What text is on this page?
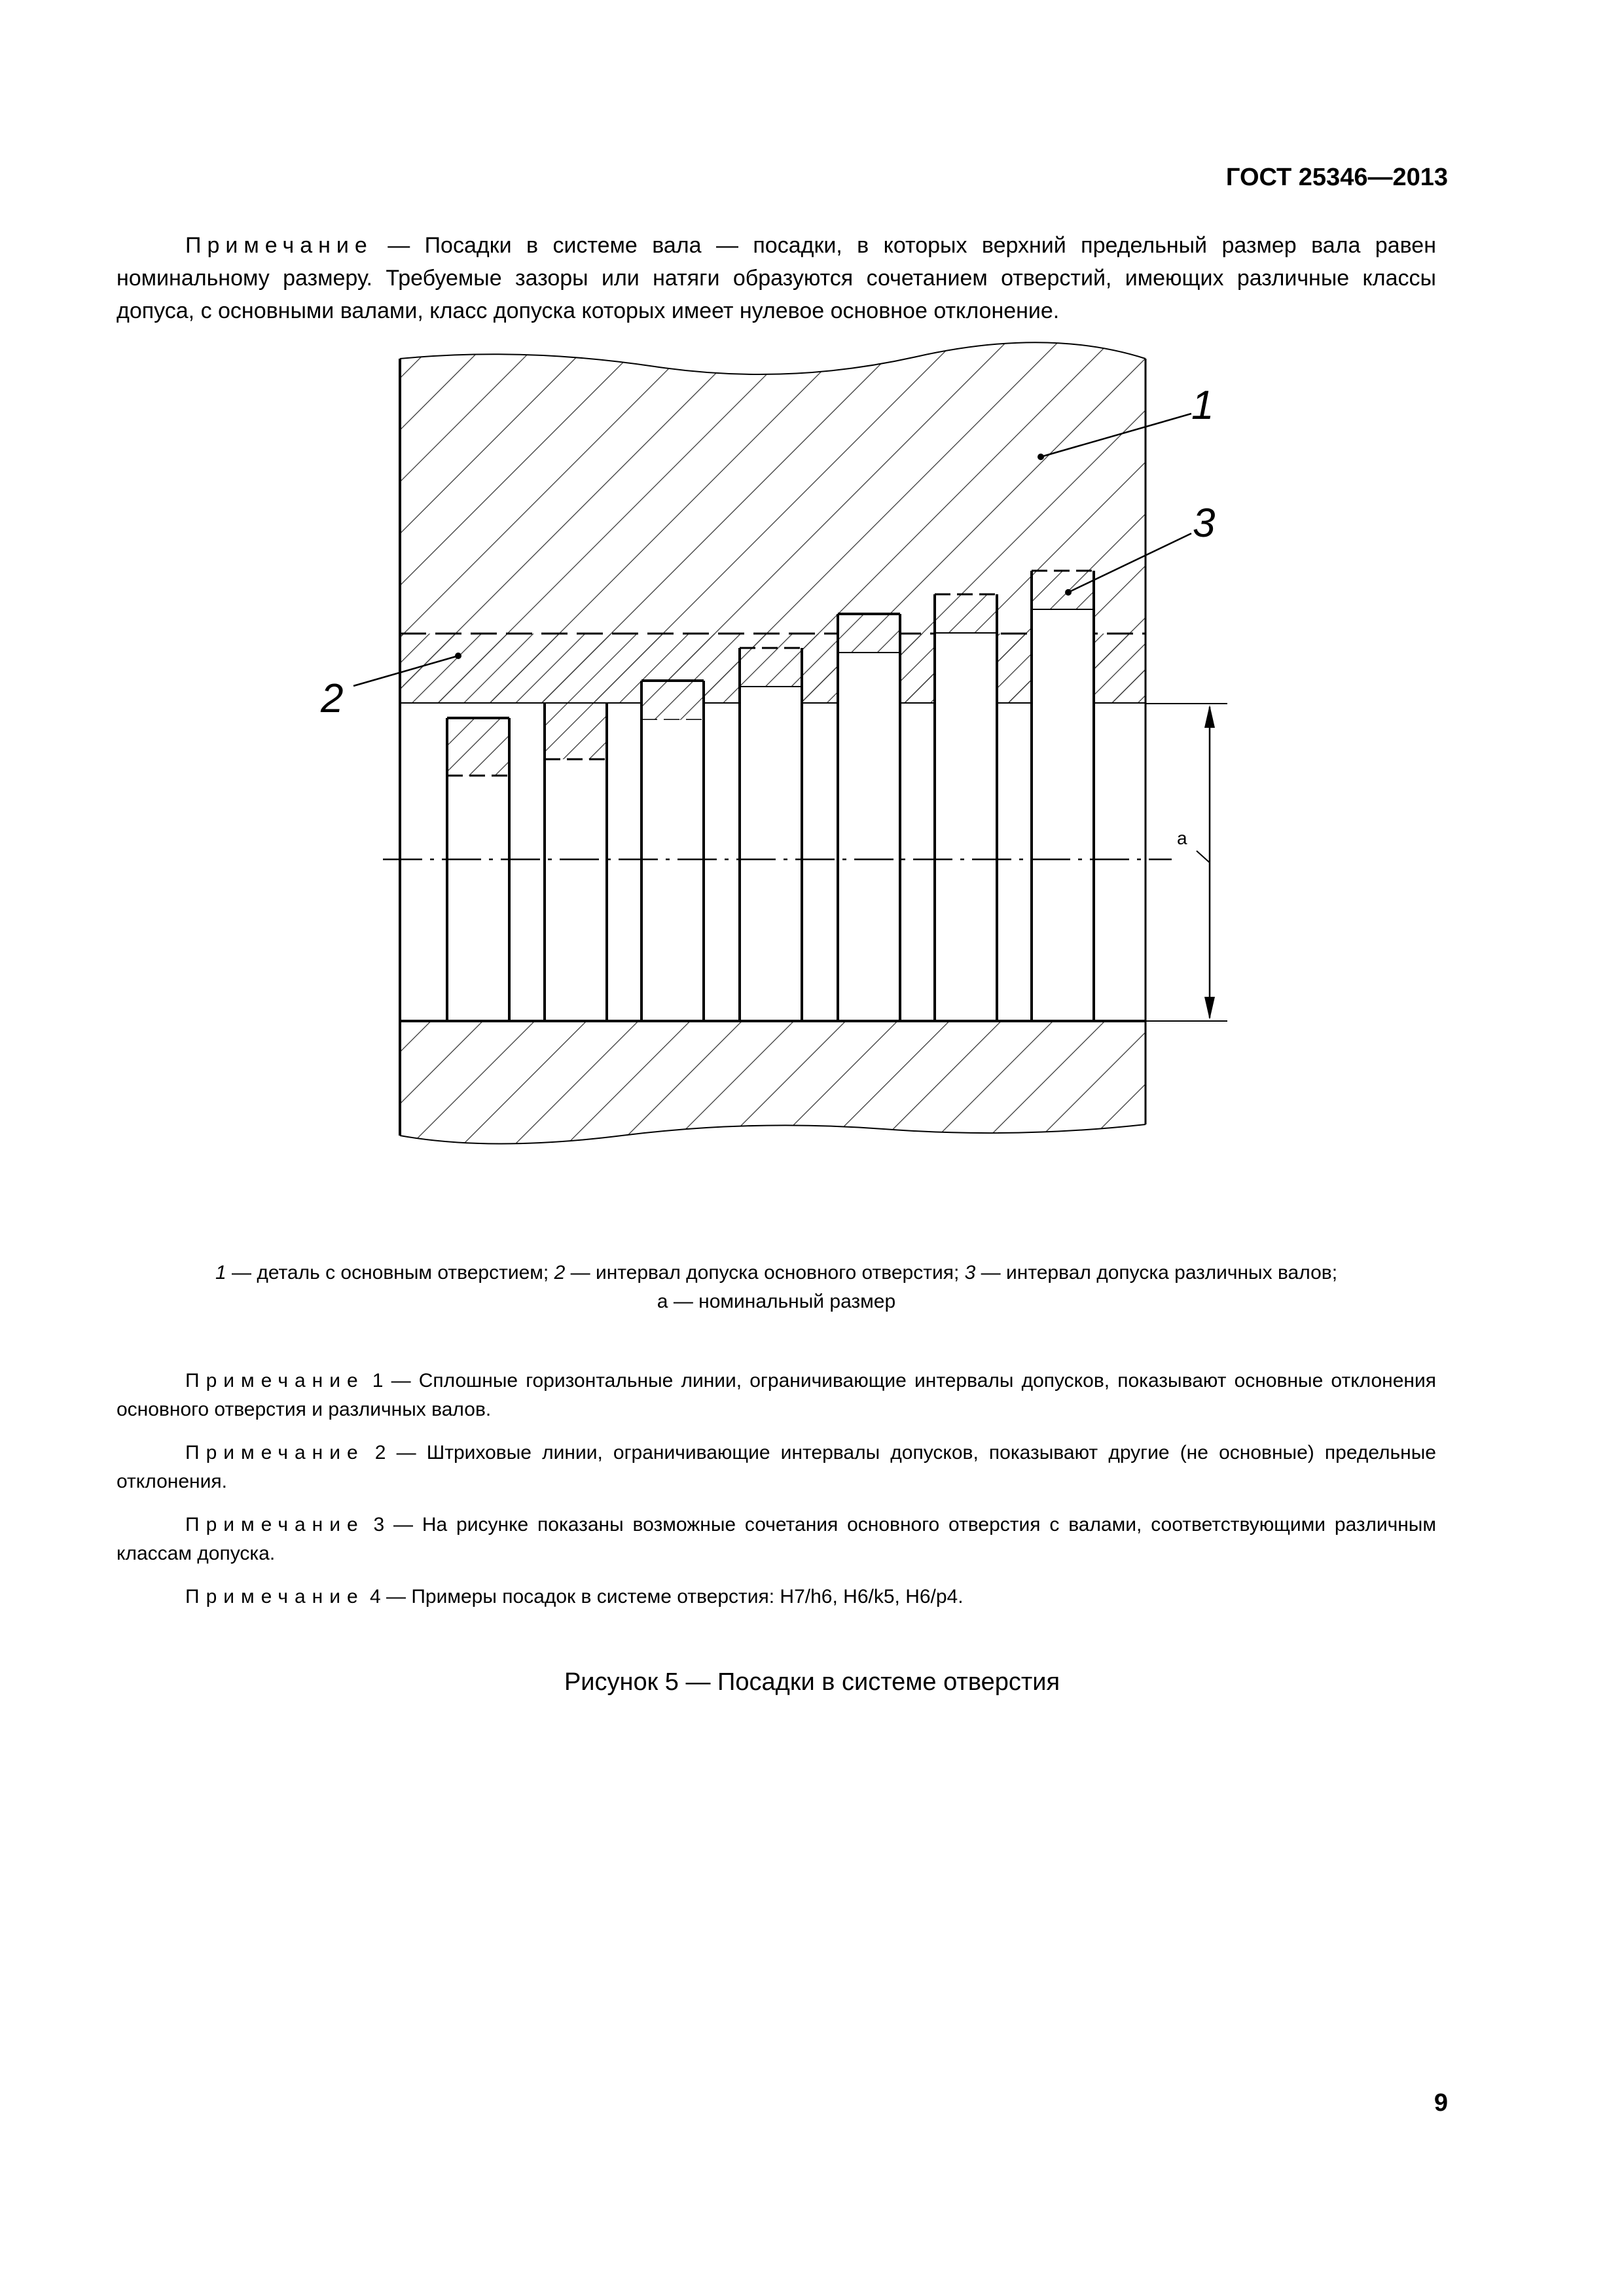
ГОСТ 25346—2013
Примечание — Посадки в системе вала — посадки, в которых верхний предельный размер вала равен номинальному размеру. Требуемые зазоры или натяги образуются сочетанием отверстий, имеющих различные классы допуса, с основными валами, класс допуска которых имеет нулевое основное отклонение.
a
1
2
3
1 — деталь с основным отверстием; 2 — интервал допуска основного отверстия; 3 — интервал допуска различных валов;
а — номинальный размер

Примечание 1 — Сплошные горизонтальные линии, ограничивающие интервалы допусков, показывают основные отклонения основного отверстия и различных валов.

Примечание 2 — Штриховые линии, ограничивающие интервалы допусков, показывают другие (не основные) предельные отклонения.

Примечание 3 — На рисунке показаны возможные сочетания основного отверстия с валами, соответствующими различным классам допуска.

Примечание 4 — Примеры посадок в системе отверстия: H7/h6, H6/k5, H6/p4.

Рисунок 5 — Посадки в системе отверстия
9
